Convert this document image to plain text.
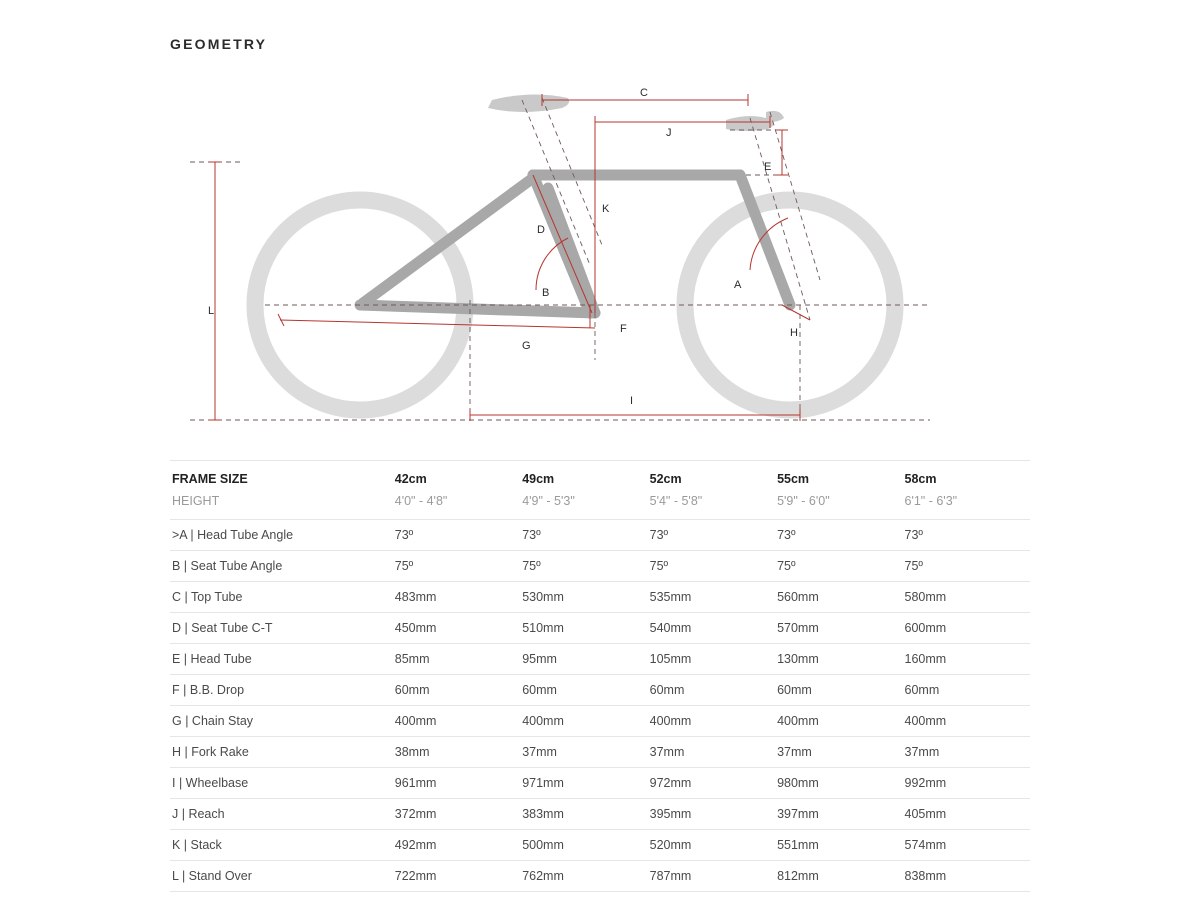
GEOMETRY
A
B
C
D
E
F
G
H
I
J
K
L
FRAME SIZE	42cm	49cm	52cm	55cm	58cm
HEIGHT	4'0" - 4'8"	4'9" - 5'3"	5'4" - 5'8"	5'9" - 6'0"	6'1" - 6'3"
>A | Head Tube Angle	73º	73º	73º	73º	73º
B | Seat Tube Angle	75º	75º	75º	75º	75º
C | Top Tube	483mm	530mm	535mm	560mm	580mm
D | Seat Tube C-T	450mm	510mm	540mm	570mm	600mm
E | Head Tube	85mm	95mm	105mm	130mm	160mm
F | B.B. Drop	60mm	60mm	60mm	60mm	60mm
G | Chain Stay	400mm	400mm	400mm	400mm	400mm
H | Fork Rake	38mm	37mm	37mm	37mm	37mm
I | Wheelbase	961mm	971mm	972mm	980mm	992mm
J | Reach	372mm	383mm	395mm	397mm	405mm
K | Stack	492mm	500mm	520mm	551mm	574mm
L | Stand Over	722mm	762mm	787mm	812mm	838mm
